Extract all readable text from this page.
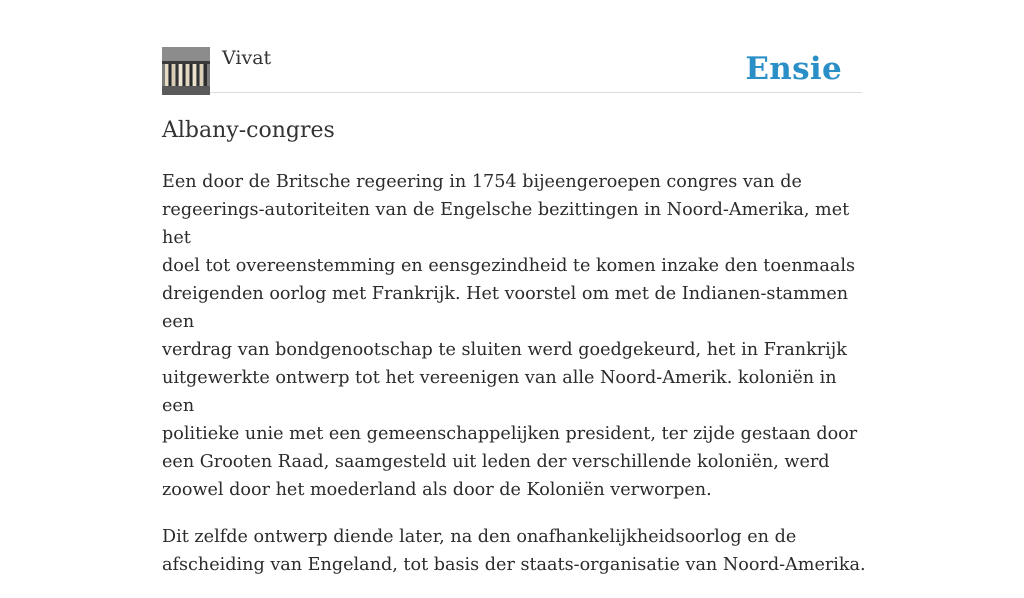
Vivat	Ensie
Albany-congres

Een door de Britsche regeering in 1754 bijeengeroepen congres van de
regeerings-autoriteiten van de Engelsche bezittingen in Noord-Amerika, met het
doel tot overeenstemming en eensgezindheid te komen inzake den toenmaals
dreigenden oorlog met Frankrijk. Het voorstel om met de Indianen-stammen een
verdrag van bondgenootschap te sluiten werd goedgekeurd, het in Frankrijk
uitgewerkte ontwerp tot het vereenigen van alle Noord-Amerik. koloniën in een
politieke unie met een gemeenschappelijken president, ter zijde gestaan door
een Grooten Raad, saamgesteld uit leden der verschillende koloniën, werd
zoowel door het moederland als door de Koloniën verworpen.

Dit zelfde ontwerp diende later, na den onafhankelijkheidsoorlog en de
afscheiding van Engeland, tot basis der staats-organisatie van Noord-Amerika.
